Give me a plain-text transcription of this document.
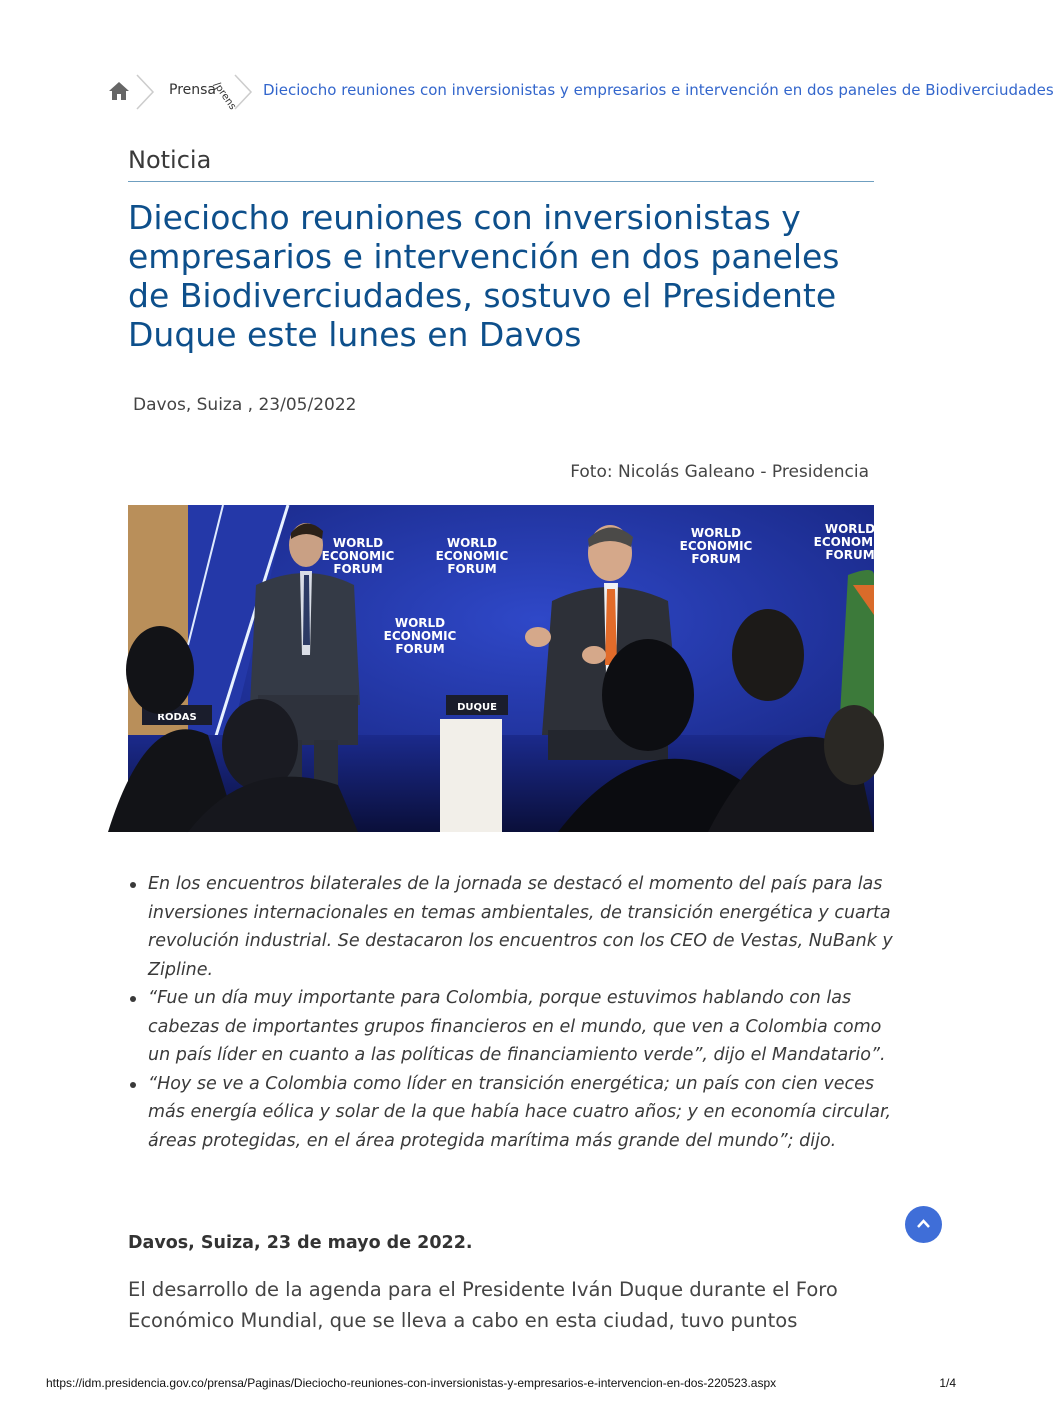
Prensa
/prens Dieciocho reuniones con inversionistas y empresarios e intervención en dos paneles de Biodiverciudades
Noticia
Dieciocho reuniones con inversionistas y empresarios e intervención en dos paneles de Biodiverciudades, sostuvo el Presidente Duque este lunes en Davos
Davos, Suiza , 23/05/2022
Foto: Nicolás Galeano - Presidencia
WORLD
ECONOMIC
FORUM
WORLD
ECONOMIC
FORUM
WORLD
ECONOMIC
FORUM
WORLD
ECONOMIC
FORUM
WORLD
ECONOMIC
FORUM
RODAS
DUQUE
En los encuentros bilaterales de la jornada se destacó el momento del país para las inversiones internacionales en temas ambientales, de transición energética y cuarta revolución industrial. Se destacaron los encuentros con los CEO de Vestas, NuBank y Zipline.
“Fue un día muy importante para Colombia, porque estuvimos hablando con las cabezas de importantes grupos financieros en el mundo, que ven a Colombia como un país líder en cuanto a las políticas de financiamiento verde”, dijo el Mandatario”.
“Hoy se ve a Colombia como líder en transición energética; un país con cien veces más energía eólica y solar de la que había hace cuatro años; y en economía circular, áreas protegidas, en el área protegida marítima más grande del mundo”; dijo.
Davos, Suiza, 23 de mayo de 2022.

El desarrollo de la agenda para el Presidente Iván Duque durante el Foro Económico Mundial, que se lleva a cabo en esta ciudad, tuvo puntos

https://idm.presidencia.gov.co/prensa/Paginas/Dieciocho-reuniones-con-inversionistas-y-empresarios-e-intervencion-en-dos-220523.aspx	1/4
